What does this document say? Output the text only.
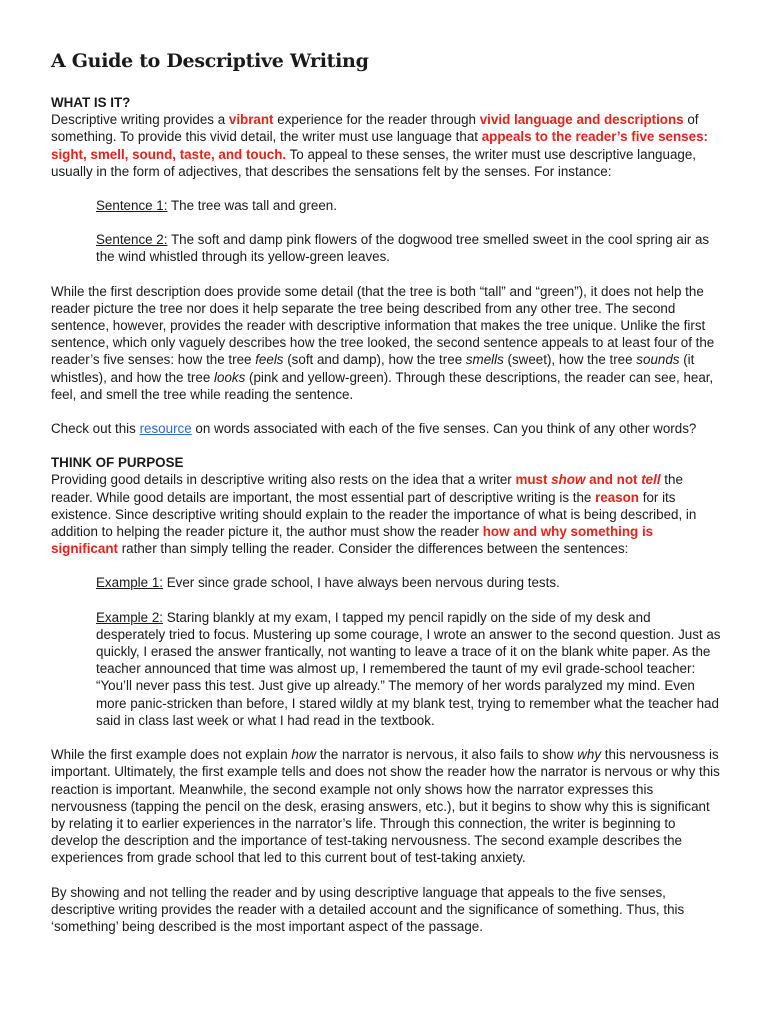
A Guide to Descriptive Writing
WHAT IS IT?

Descriptive writing provides a vibrant experience for the reader through vivid language and descriptions of something. To provide this vivid detail, the writer must use language that appeals to the reader’s five senses: sight, smell, sound, taste, and touch. To appeal to these senses, the writer must use descriptive language, usually in the form of adjectives, that describes the sensations felt by the senses. For instance:

Sentence 1: The tree was tall and green.

Sentence 2: The soft and damp pink flowers of the dogwood tree smelled sweet in the cool spring air as the wind whistled through its yellow-green leaves.

While the first description does provide some detail (that the tree is both “tall” and “green”), it does not help the reader picture the tree nor does it help separate the tree being described from any other tree. The second sentence, however, provides the reader with descriptive information that makes the tree unique. Unlike the first sentence, which only vaguely describes how the tree looked, the second sentence appeals to at least four of the reader’s five senses: how the tree feels (soft and damp), how the tree smells (sweet), how the tree sounds (it whistles), and how the tree looks (pink and yellow-green). Through these descriptions, the reader can see, hear, feel, and smell the tree while reading the sentence.

Check out this resource on words associated with each of the five senses. Can you think of any other words?

THINK OF PURPOSE

Providing good details in descriptive writing also rests on the idea that a writer must show and not tell the reader. While good details are important, the most essential part of descriptive writing is the reason for its existence. Since descriptive writing should explain to the reader the importance of what is being described, in addition to helping the reader picture it, the author must show the reader how and why something is significant rather than simply telling the reader. Consider the differences between the sentences:

Example 1: Ever since grade school, I have always been nervous during tests.

Example 2: Staring blankly at my exam, I tapped my pencil rapidly on the side of my desk and desperately tried to focus. Mustering up some courage, I wrote an answer to the second question. Just as quickly, I erased the answer frantically, not wanting to leave a trace of it on the blank white paper. As the teacher announced that time was almost up, I remembered the taunt of my evil grade-school teacher: “You’ll never pass this test. Just give up already.” The memory of her words paralyzed my mind. Even more panic-stricken than before, I stared wildly at my blank test, trying to remember what the teacher had said in class last week or what I had read in the textbook.

While the first example does not explain how the narrator is nervous, it also fails to show why this nervousness is important. Ultimately, the first example tells and does not show the reader how the narrator is nervous or why this reaction is important. Meanwhile, the second example not only shows how the narrator expresses this nervousness (tapping the pencil on the desk, erasing answers, etc.), but it begins to show why this is significant by relating it to earlier experiences in the narrator’s life. Through this connection, the writer is beginning to develop the description and the importance of test-taking nervousness. The second example describes the experiences from grade school that led to this current bout of test-taking anxiety.

By showing and not telling the reader and by using descriptive language that appeals to the five senses, descriptive writing provides the reader with a detailed account and the significance of something. Thus, this ‘something’ being described is the most important aspect of the passage.
